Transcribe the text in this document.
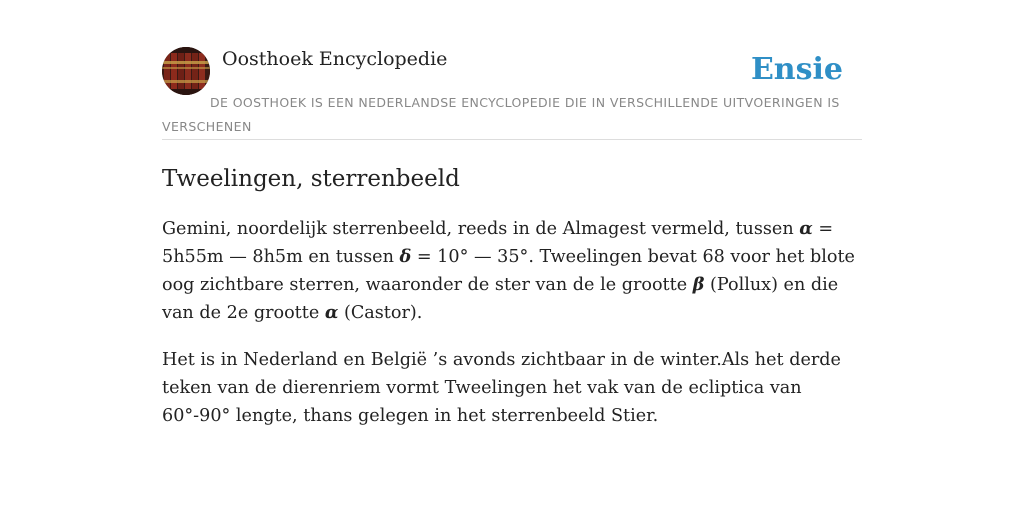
Oosthoek Encyclopedie	Ensie
DE OOSTHOEK IS EEN NEDERLANDSE ENCYCLOPEDIE DIE IN VERSCHILLENDE UITVOERINGEN IS VERSCHENEN
Tweelingen, sterrenbeeld

Gemini, noordelijk sterrenbeeld, reeds in de Almagest vermeld, tussen α = 5h55m — 8h5m en tussen δ = 10° — 35°. Tweelingen bevat 68 voor het blote oog zichtbare sterren, waaronder de ster van de le grootte β (Pollux) en die van de 2e grootte α (Castor).

Het is in Nederland en België ’s avonds zichtbaar in de winter.Als het derde teken van de dierenriem vormt Tweelingen het vak van de ecliptica van 60°-90° lengte, thans gelegen in het sterrenbeeld Stier.
